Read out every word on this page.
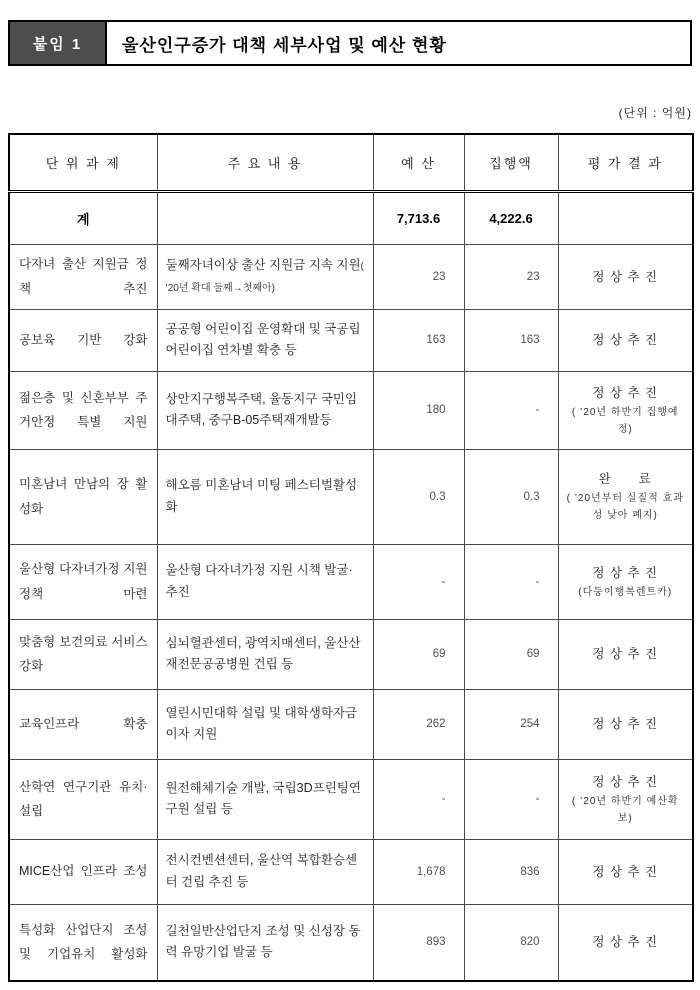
붙임 1	울산인구증가 대책 세부사업 및 예산 현황
(단위 : 억원)
단 위 과 제	주 요 내 용	예 산	집행액	평 가 결 과
계		7,713.6	4,222.6	
다자녀 출산 지원금 정책 추진	둘째자녀이상 출산 지원금 지속 지원( ’20년 확대 둘째→첫째아)	23	23	정 상 추 진

공보육 기반 강화	공공형 어린이집 운영확대 및 국공립어린이집 연차별 확충 등	163	163	정 상 추 진

젊은층 및 신혼부부 주거안정 특별 지원	상안지구행복주택, 율동지구 국민임대주택, 중구B-05주택재개발등	180	-	정 상 추 진
( ’20년 하반기 집행예정)

미혼남녀 만남의 장 활성화	해오름 미혼남녀 미팅 페스티벌활성화	0.3	0.3	완      료
( ’20년부터 실질적 효과성 낮아 폐지)

울산형 다자녀가정 지원정책 마련	울산형 다자녀가정 지원 시책 발굴·추진	-	-	정 상 추 진
(다둥이행복렌트카)

맞춤형 보건의료 서비스 강화	심뇌혈관센터, 광역치매센터, 울산산재전문공공병원 건립 등	69	69	정 상 추 진

교육인프라 확충	열린시민대학 설립 및 대학생학자금 이자 지원	262	254	정 상 추 진

산학연 연구기관 유치·설립	원전해체기술 개발, 국립3D프린팅연구원 설립 등	-	-	정 상 추 진
( ’20년 하반기 예산확보)

MICE산업 인프라 조성	전시컨벤션센터, 울산역 복합환승센터 건립 추진 등	1,678	836	정 상 추 진

특성화 산업단지 조성 및 기업유치 활성화	길천일반산업단지 조성 및 신성장 동력 유망기업 발굴 등	893	820	정 상 추 진
